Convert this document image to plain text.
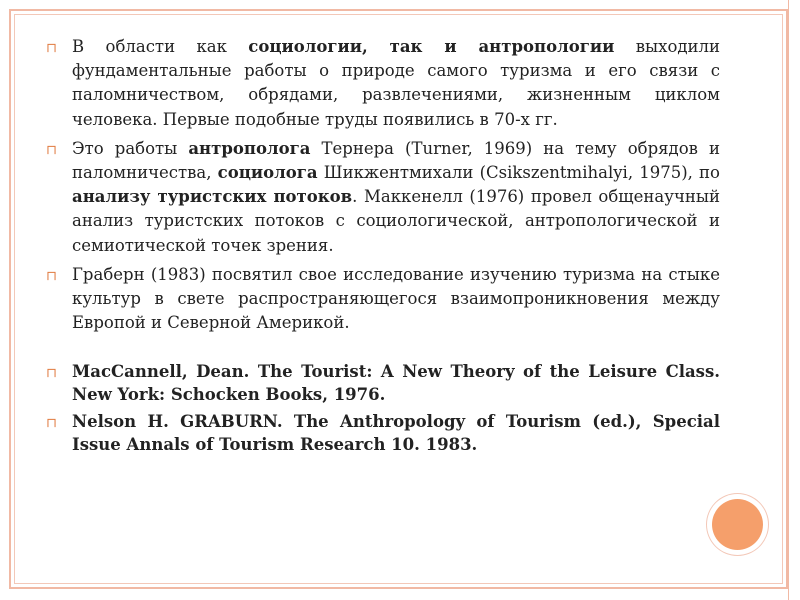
⊓ В области как социологии, так и антропологии выходили фундаментальные работы о природе самого туризма и его связи с паломничеством, обрядами, развлечениями, жизненным циклом человека. Первые подобные труды появились в 70-х гг.
⊓ Это работы антрополога Тернера (Turner, 1969) на тему обрядов и паломничества, социолога Шикжентмихали (Csikszentmihalyi, 1975), по анализу туристских потоков. Маккенелл (1976) провел общенаучный анализ туристских потоков с социологической, антропологической и семиотической точек зрения.
⊓ Граберн (1983) посвятил свое исследование изучению туризма на стыке культур в свете распространяющегося взаимопроникновения между Европой и Северной Америкой.
⊓ MacCannell, Dean. The Tourist: A New Theory of the Leisure Class. New York: Schocken Books, 1976.
⊓ Nelson H. GRABURN. The Anthropology of Tourism (ed.), Special Issue Annals of Tourism Research 10. 1983.
